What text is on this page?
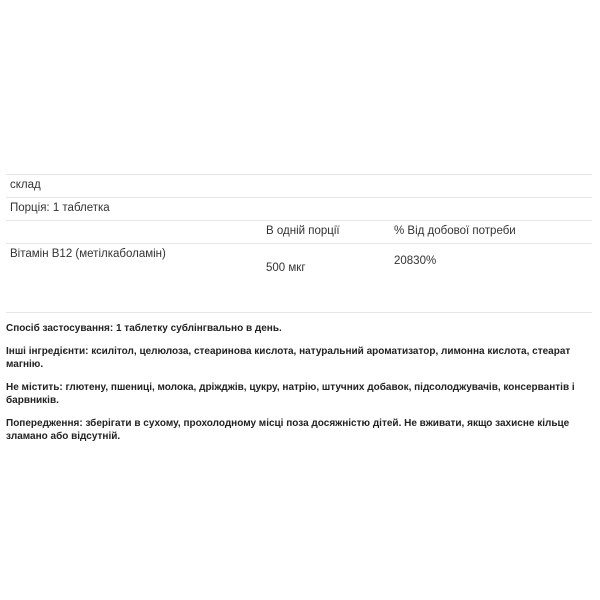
склад
Порція: 1 таблетка
В одній порції	% Від добової потреби
Вітамін B12 (метілкаболамін)
500 мкг
20830%

Спосіб застосування: 1 таблетку сублінгвально в день.

Інші інгредієнти: ксилітол, целюлоза, стеаринова кислота, натуральний ароматизатор, лимонна кислота, стеарат магнію.

Не містить: глютену, пшениці, молока, дріжджів, цукру, натрію, штучних добавок, підсолоджувачів, консервантів і барвників.

Попередження: зберігати в сухому, прохолодному місці поза досяжністю дітей. Не вживати, якщо захисне кільце зламано або відсутній.
